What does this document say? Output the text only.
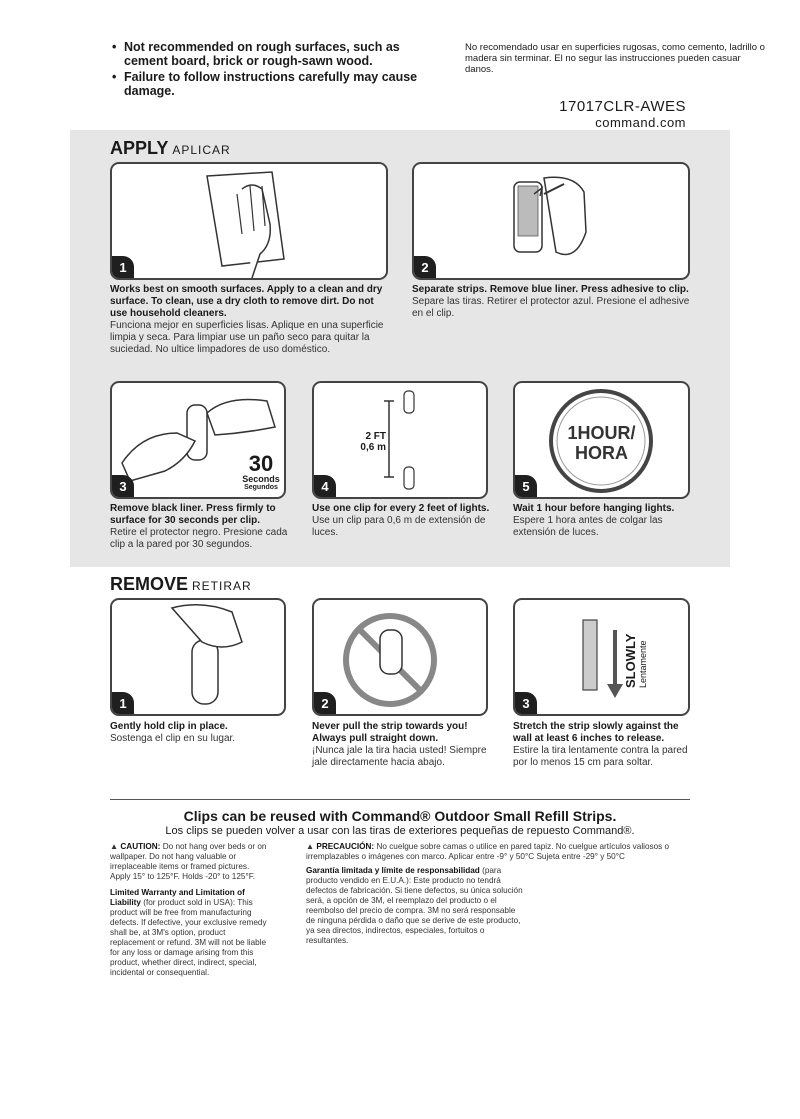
• Not recommended on rough surfaces, such as cement board, brick or rough-sawn wood.
• Failure to follow instructions carefully may cause damage.
No recomendado usar en superficies rugosas, como cemento, ladrillo o madera sin terminar. El no segur las instrucciones pueden casuar danos.
17017CLR-AWES
command.com
APPLY APLICAR
1
Works best on smooth surfaces. Apply to a clean and dry surface. To clean, use a dry cloth to remove dirt. Do not use household cleaners.
Funciona mejor en superficies lisas. Aplique en una superficie limpia y seca. Para limpiar use un paño seco para quitar la suciedad. No ultice limpadores de uso doméstico.
2
Separate strips. Remove blue liner. Press adhesive to clip.
Separe las tiras. Retirer el protector azul. Presione el adhesive en el clip.
30
Seconds
Segundos
3
Remove black liner. Press firmly to surface for 30 seconds per clip.
Retire el protector negro. Presione cada clip a la pared por 30 segundos.
2 FT
0,6 m
4
Use one clip for every 2 feet of lights.
Use un clip para 0,6 m de extensión de luces.
1HOUR/
HORA
5
Wait 1 hour before hanging lights.
Espere 1 hora antes de colgar las extensión de luces.
REMOVE RETIRAR
1
Gently hold clip in place.
Sostenga el clip en su lugar.
2
Never pull the strip towards you! Always pull straight down.
¡Nunca jale la tira hacia usted! Siempre jale directamente hacia abajo.
SLOWLY Lentamente
3
Stretch the strip slowly against the wall at least 6 inches to release.
Estire la tira lentamente contra la pared por lo menos 15 cm para soltar.
Clips can be reused with Command® Outdoor Small Refill Strips.
Los clips se pueden volver a usar con las tiras de exteriores pequeñas de repuesto Command®.
▲ CAUTION: Do not hang over beds or on wallpaper. Do not hang valuable or irreplaceable items or framed pictures. Apply 15° to 125°F. Holds -20° to 125°F.
Limited Warranty and Limitation of Liability (for product sold in USA): This product will be free from manufacturing defects. If defective, your exclusive remedy shall be, at 3M's option, product replacement or refund. 3M will not be liable for any loss or damage arising from this product, whether direct, indirect, special, incidental or consequential.
▲ PRECAUCIÓN: No cuelgue sobre camas o utilice en pared tapiz. No cuelgue artículos valiosos o irremplazables o imágenes con marco. Aplicar entre -9° y 50°C Sujeta entre -29° y 50°C
Garantía limitada y límite de responsabilidad (para producto vendido en E.U.A.): Este producto no tendrá defectos de fabricación. Si tiene defectos, su única solución será, a opción de 3M, el reemplazo del producto o el reembolso del precio de compra. 3M no será responsable de ninguna pérdida o daño que se derive de este producto, ya sea directos, indirectos, especiales, fortuitos o resultantes.
